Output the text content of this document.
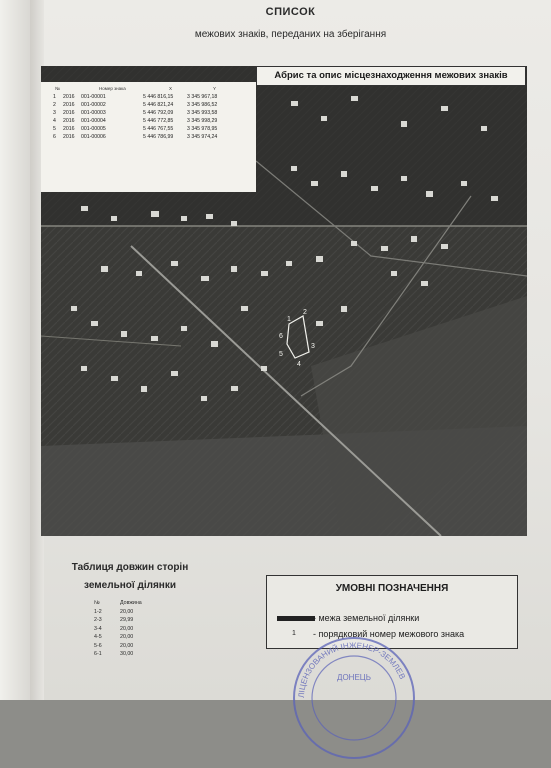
СПИСОК
межових знаків, переданих на зберігання
1
2
3
4
5
6
Абрис та опис місцезнаходження межових знаків
№	Номер знака	X	Y
1 2016 001-00001	5 446 816,15	3 345 967,18
2 2016 001-00002	5 446 821,24	3 345 986,52
3 2016 001-00003	5 446 792,09	3 345 993,58
4 2016 001-00004	5 446 772,85	3 345 998,29
5 2016 001-00005	5 446 767,55	3 345 978,95
6 2016 001-00006	5 446 786,99	3 345 974,24
Таблиця довжин сторін
земельної ділянки
№	Довжина
1-2	20,00
2-3	29,99
3-4	20,00
4-5	20,00
5-6	20,00
6-1	30,00
УМОВНІ ПОЗНАЧЕННЯ
- межа земельної ділянки
1 - порядковий номер межового знака
ЛІЦЕНЗОВАНИЙ ІНЖЕНЕР-ЗЕМЛЕВ
ДОНЕЦЬ
